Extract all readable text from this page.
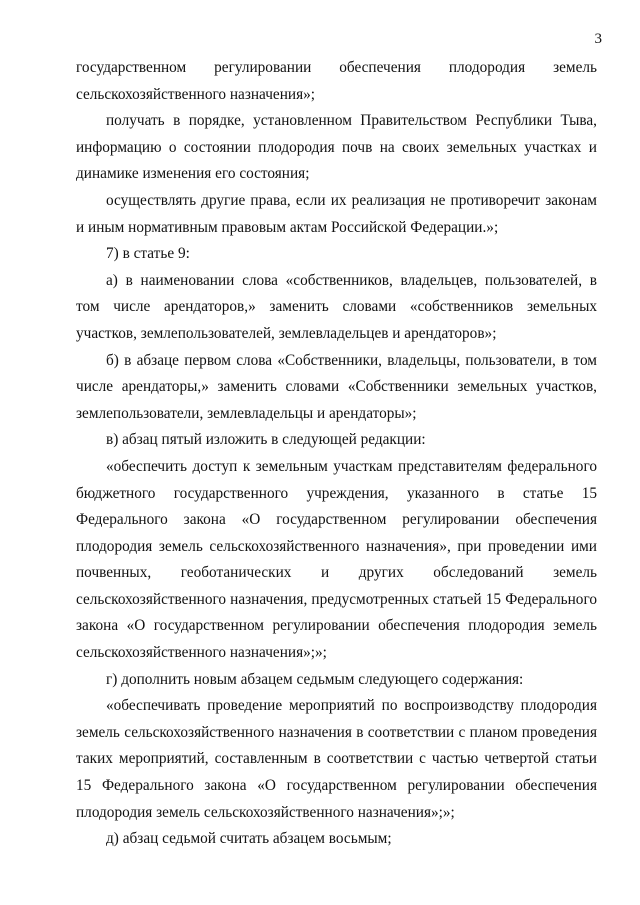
3

государственном регулировании обеспечения плодородия земель сельскохозяйственного назначения»;

получать в порядке, установленном Правительством Республики Тыва, информацию о состоянии плодородия почв на своих земельных участках и динамике изменения его состояния;

осуществлять другие права, если их реализация не противоречит законам и иным нормативным правовым актам Российской Федерации.»;

7) в статье 9:

а) в наименовании слова «собственников, владельцев, пользователей, в том числе арендаторов,» заменить словами «собственников земельных участков, землепользователей, землевладельцев и арендаторов»;

б) в абзаце первом слова «Собственники, владельцы, пользователи, в том числе арендаторы,» заменить словами «Собственники земельных участков, землепользователи, землевладельцы и арендаторы»;

в) абзац пятый изложить в следующей редакции:

«обеспечить доступ к земельным участкам представителям федерального бюджетного государственного учреждения, указанного в статье 15 Федерального закона «О государственном регулировании обеспечения плодородия земель сельскохозяйственного назначения», при проведении ими почвенных, геоботанических и других обследований земель сельскохозяйственного назначения, предусмотренных статьей 15 Федерального закона «О государственном регулировании обеспечения плодородия земель сельскохозяйственного назначения»;»;

г) дополнить новым абзацем седьмым следующего содержания:

«обеспечивать проведение мероприятий по воспроизводству плодородия земель сельскохозяйственного назначения в соответствии с планом проведения таких мероприятий, составленным в соответствии с частью четвертой статьи 15 Федерального закона «О государственном регулировании обеспечения плодородия земель сельскохозяйственного назначения»;»;

д) абзац седьмой считать абзацем восьмым;
